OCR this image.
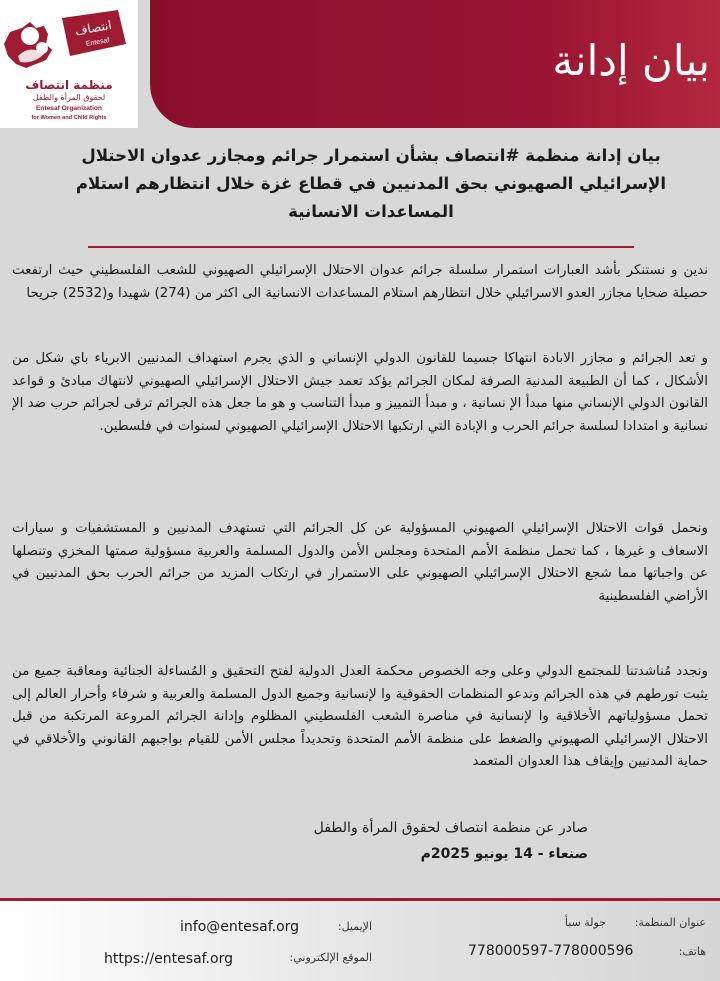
انتصاف
Entesaf
منظمة انتصاف
لحقوق المرأة والطفل
Entesaf Organization
for Women and Child Rights
بيان إدانة
بيان إدانة منظمة #انتصاف بشأن استمرار جرائم ومجازر عدوان الاحتلال الإسرائيلي الصهيوني بحق المدنيين في قطاع غزة خلال انتظارهم استلام المساعدات الانسانية
ندين و نستنكر بأشد العبارات استمرار سلسلة جرائم عدوان الاحتلال الإسرائيلي الصهيوني للشعب الفلسطيني حيث ارتفعت حصيلة ضحايا مجازر العدو الاسرائيلي خلال انتظارهم استلام المساعدات الانسانية الى اكثر من (274) شهيدا و(2532) جريحا
و تعد الجرائم و مجازر الابادة انتهاكا جسيما للقانون الدولي الإنساني و الذي يجرم استهداف المدنيين الابرياء باي شكل من الأشكال ، كما أن الطبيعة المدنية الصرفة لمكان الجرائم يؤكد تعمد جيش الاحتلال الإسرائيلي الصهيوني لانتهاك مبادئ و قواعد القانون الدولي الإنساني منها مبدأ الإ نسانية ، و مبدأ التمييز و مبدأ التناسب و هو ما جعل هذه الجرائم ترقى لجرائم حرب ضد الإ نسانية و امتدادا لسلسة جرائم الحرب و الإبادة التي ارتكبها الاحتلال الإسرائيلي الصهيوني لسنوات في فلسطين.
ونحمل قوات الاحتلال الإسرائيلي الصهيوني المسؤولية عن كل الجرائم التي تستهدف المدنيين و المستشفيات و سيارات الاسعاف و غيرها ، كما تحمل منظمة الأمم المتحدة ومجلس الأمن والدول المسلمة والعربية مسؤولية صمتها المخزي وتنصلها عن واجباتها مما شجع الاحتلال الإسرائيلي الصهيوني على الاستمرار في ارتكاب المزيد من جرائم الحرب بحق المدنيين في الأراضي الفلسطينية
ونجدد مُناشدتنا للمجتمع الدولي وعلى وجه الخصوص محكمة العدل الدولية لفتح التحقيق و المُساءلة الجنائية ومعاقبة جميع من يثبت تورطهم في هذه الجرائم وندعو المنظمات الحقوقية وا لإنسانية وجميع الدول المسلمة والعربية و شرفاء وأحرار العالم إلى تحمل مسؤولياتهم الأخلاقية وا لإنسانية في مناصرة الشعب الفلسطيني المظلوم وإدانة الجرائم المروعة المرتكبة من قبل الاحتلال الإسرائيلي الصهيوني والضغط على منظمة الأمم المتحدة وتحديداً مجلس الأمن للقيام بواجبهم القانوني والأخلاقي في حماية المدنيين وإيقاف هذا العدوان المتعمد
صادر عن منظمة انتصاف لحقوق المرأة والطفل
صنعاء - 14 يونيو 2025م
عنوان المنظمة:
جولة سبأ
هاتف:
778000597-778000596
الإيميل:
info@entesaf.org
الموقع الإلكتروني:
https://entesaf.org
